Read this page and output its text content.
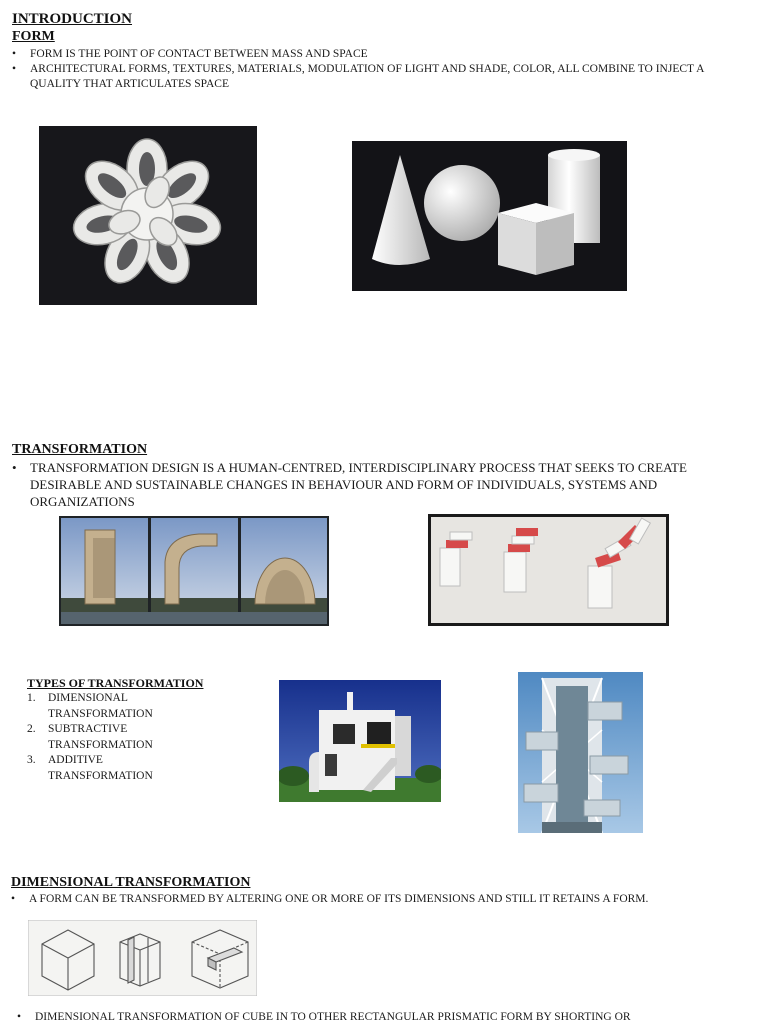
INTRODUCTION
FORM
•	FORM IS THE POINT OF CONTACT BETWEEN MASS AND SPACE
•	ARCHITECTURAL FORMS, TEXTURES, MATERIALS, MODULATION OF LIGHT AND SHADE, COLOR, ALL COMBINE TO INJECT A QUALITY THAT ARTICULATES SPACE
TRANSFORMATION
•	TRANSFORMATION DESIGN IS A HUMAN-CENTRED, INTERDISCIPLINARY PROCESS THAT SEEKS TO CREATE DESIRABLE AND SUSTAINABLE CHANGES IN BEHAVIOUR AND FORM OF INDIVIDUALS, SYSTEMS AND ORGANIZATIONS
TYPES OF TRANSFORMATION
1. DIMENSIONAL TRANSFORMATION
2. SUBTRACTIVE TRANSFORMATION
3. ADDITIVE TRANSFORMATION
DIMENSIONAL TRANSFORMATION
•	A FORM CAN BE TRANSFORMED BY ALTERING ONE OR MORE OF ITS DIMENSIONS AND STILL IT RETAINS A FORM.
•	DIMENSIONAL TRANSFORMATION OF CUBE IN TO OTHER RECTANGULAR PRISMATIC FORM BY SHORTING OR
